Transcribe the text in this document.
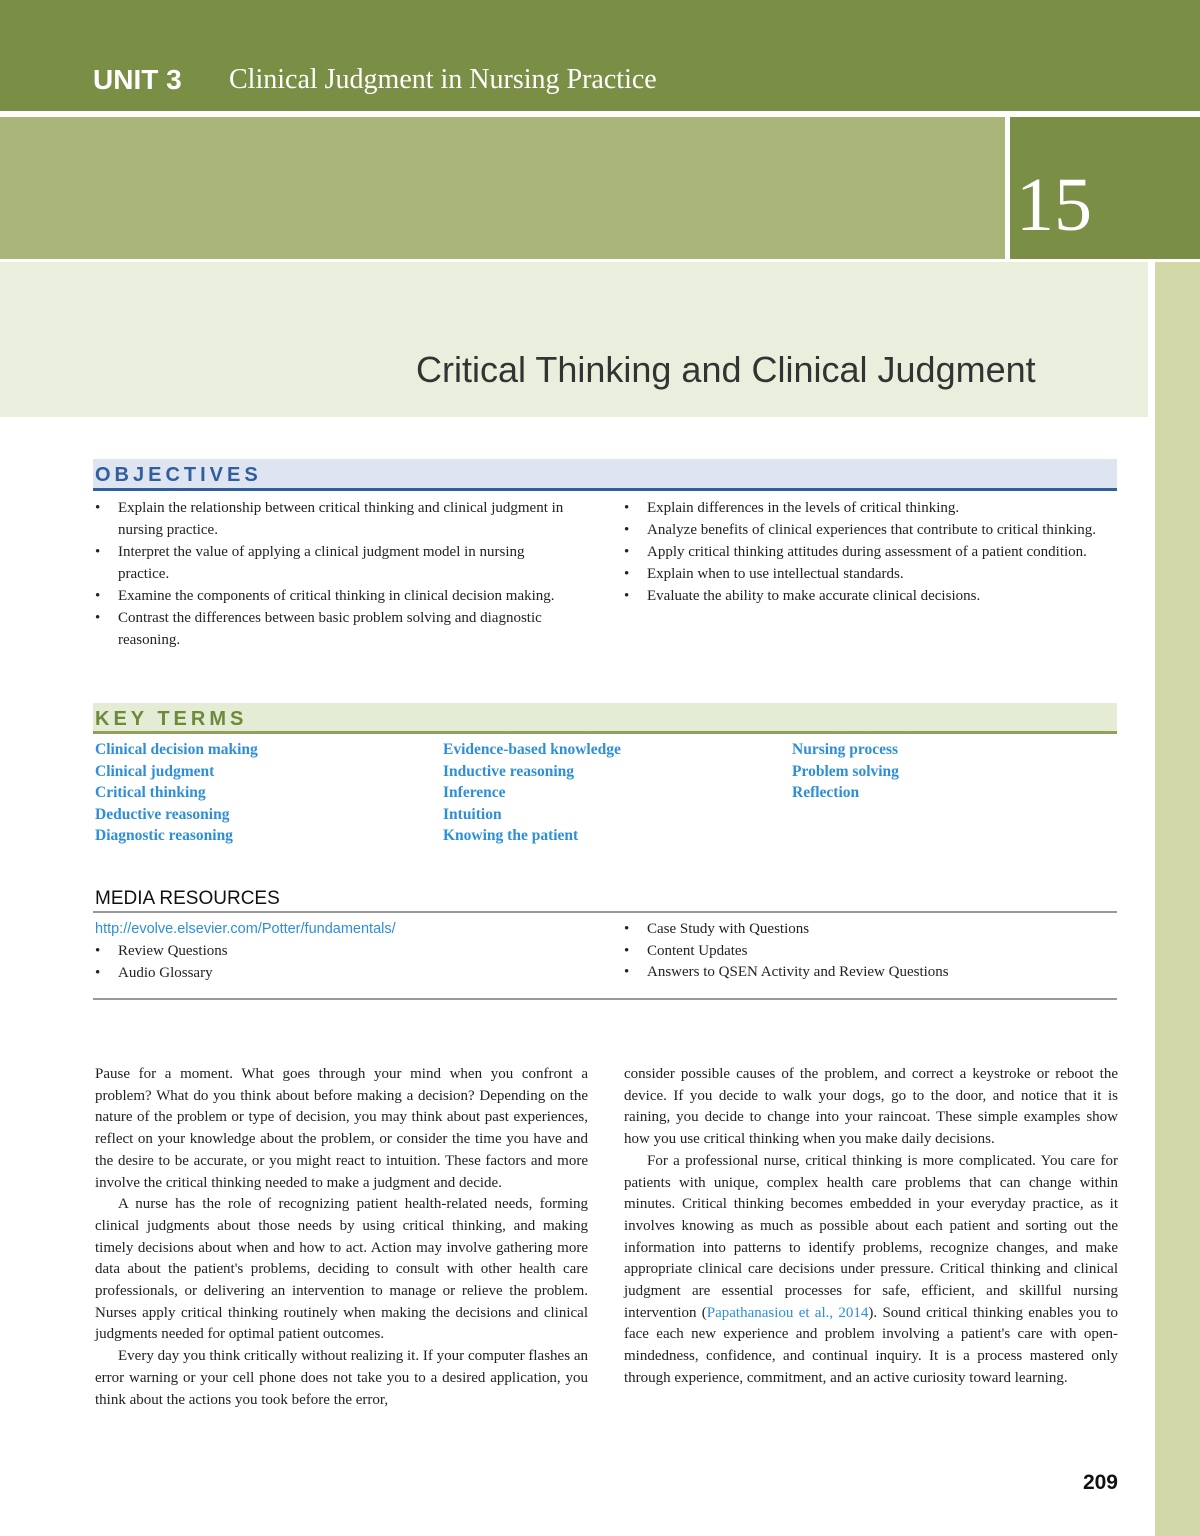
UNIT 3 Clinical Judgment in Nursing Practice
15
Critical Thinking and Clinical Judgment
OBJECTIVES
• Explain the relationship between critical thinking and clinical judgment in nursing practice.
• Interpret the value of applying a clinical judgment model in nursing practice.
• Examine the components of critical thinking in clinical decision making.
• Contrast the differences between basic problem solving and diagnostic reasoning.
• Explain differences in the levels of critical thinking.
• Analyze benefits of clinical experiences that contribute to critical thinking.
• Apply critical thinking attitudes during assessment of a patient condition.
• Explain when to use intellectual standards.
• Evaluate the ability to make accurate clinical decisions.
KEY TERMS
Clinical decision making
Clinical judgment
Critical thinking
Deductive reasoning
Diagnostic reasoning
Evidence-based knowledge
Inductive reasoning
Inference
Intuition
Knowing the patient
Nursing process
Problem solving
Reflection
MEDIA RESOURCES
http://evolve.elsevier.com/Potter/fundamentals/
• Review Questions
• Audio Glossary
• Case Study with Questions
• Content Updates
• Answers to QSEN Activity and Review Questions

Pause for a moment. What goes through your mind when you confront a problem? What do you think about before making a decision? Depending on the nature of the problem or type of decision, you may think about past experiences, reflect on your knowledge about the problem, or consider the time you have and the desire to be accurate, or you might react to intuition. These factors and more involve the critical thinking needed to make a judgment and decide.

A nurse has the role of recognizing patient health-related needs, forming clinical judgments about those needs by using critical thinking, and making timely decisions about when and how to act. Action may involve gathering more data about the patient's problems, deciding to consult with other health care professionals, or delivering an intervention to manage or relieve the problem. Nurses apply critical thinking routinely when making the decisions and clinical judgments needed for optimal patient outcomes.

Every day you think critically without realizing it. If your computer flashes an error warning or your cell phone does not take you to a desired application, you think about the actions you took before the error,

consider possible causes of the problem, and correct a keystroke or reboot the device. If you decide to walk your dogs, go to the door, and notice that it is raining, you decide to change into your raincoat. These simple examples show how you use critical thinking when you make daily decisions.

For a professional nurse, critical thinking is more complicated. You care for patients with unique, complex health care problems that can change within minutes. Critical thinking becomes embedded in your everyday practice, as it involves knowing as much as possible about each patient and sorting out the information into patterns to identify problems, recognize changes, and make appropriate clinical care decisions under pressure. Critical thinking and clinical judgment are essential processes for safe, efficient, and skillful nursing intervention (Papathanasiou et al., 2014). Sound critical thinking enables you to face each new experience and problem involving a patient's care with open-mindedness, confidence, and continual inquiry. It is a process mastered only through experience, commitment, and an active curiosity toward learning.

209
